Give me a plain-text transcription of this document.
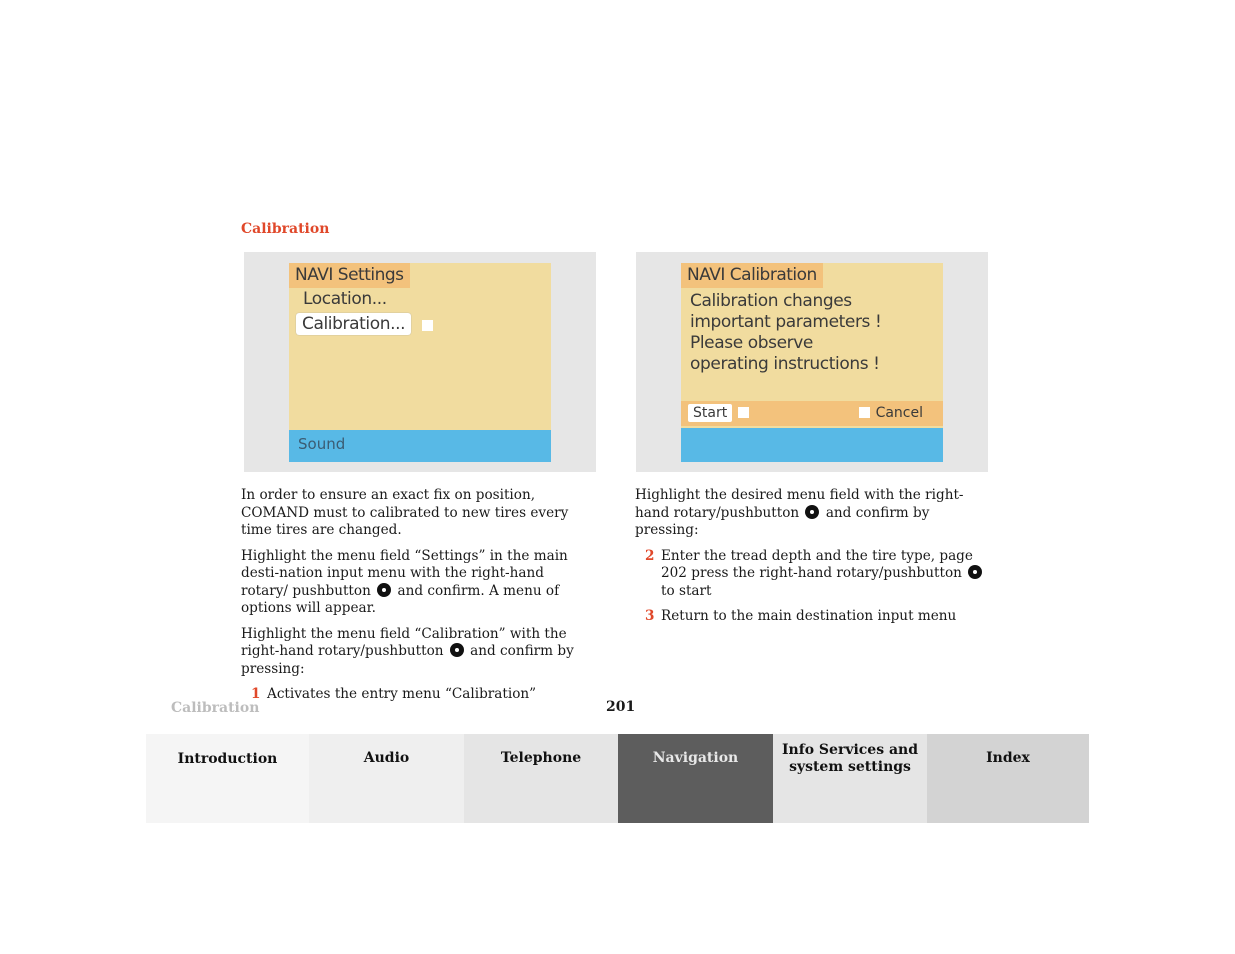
Calibration
NAVI Settings
Location...
Calibration...
Sound
NAVI Calibration
Calibration changes
important parameters !
Please observe
operating instructions !
Start	Cancel

In order to ensure an exact fix on position, COMAND must to calibrated to new tires every time tires are changed.

Highlight the menu field “Settings” in the main desti-nation input menu with the right-hand rotary/ pushbutton and confirm. A menu of options will appear.

Highlight the menu field “Calibration” with the right-hand rotary/pushbutton and confirm by pressing:

1 Activates the entry menu “Calibration”

Highlight the desired menu field with the right-hand rotary/pushbutton and confirm by pressing:

2 Enter the tread depth and the tire type, page 202 press the right-hand rotary/pushbutton  to start
3 Return to the main destination input menu
Calibration	201
Introduction	Audio	Telephone	Navigation	Info Services and system settings
Index
